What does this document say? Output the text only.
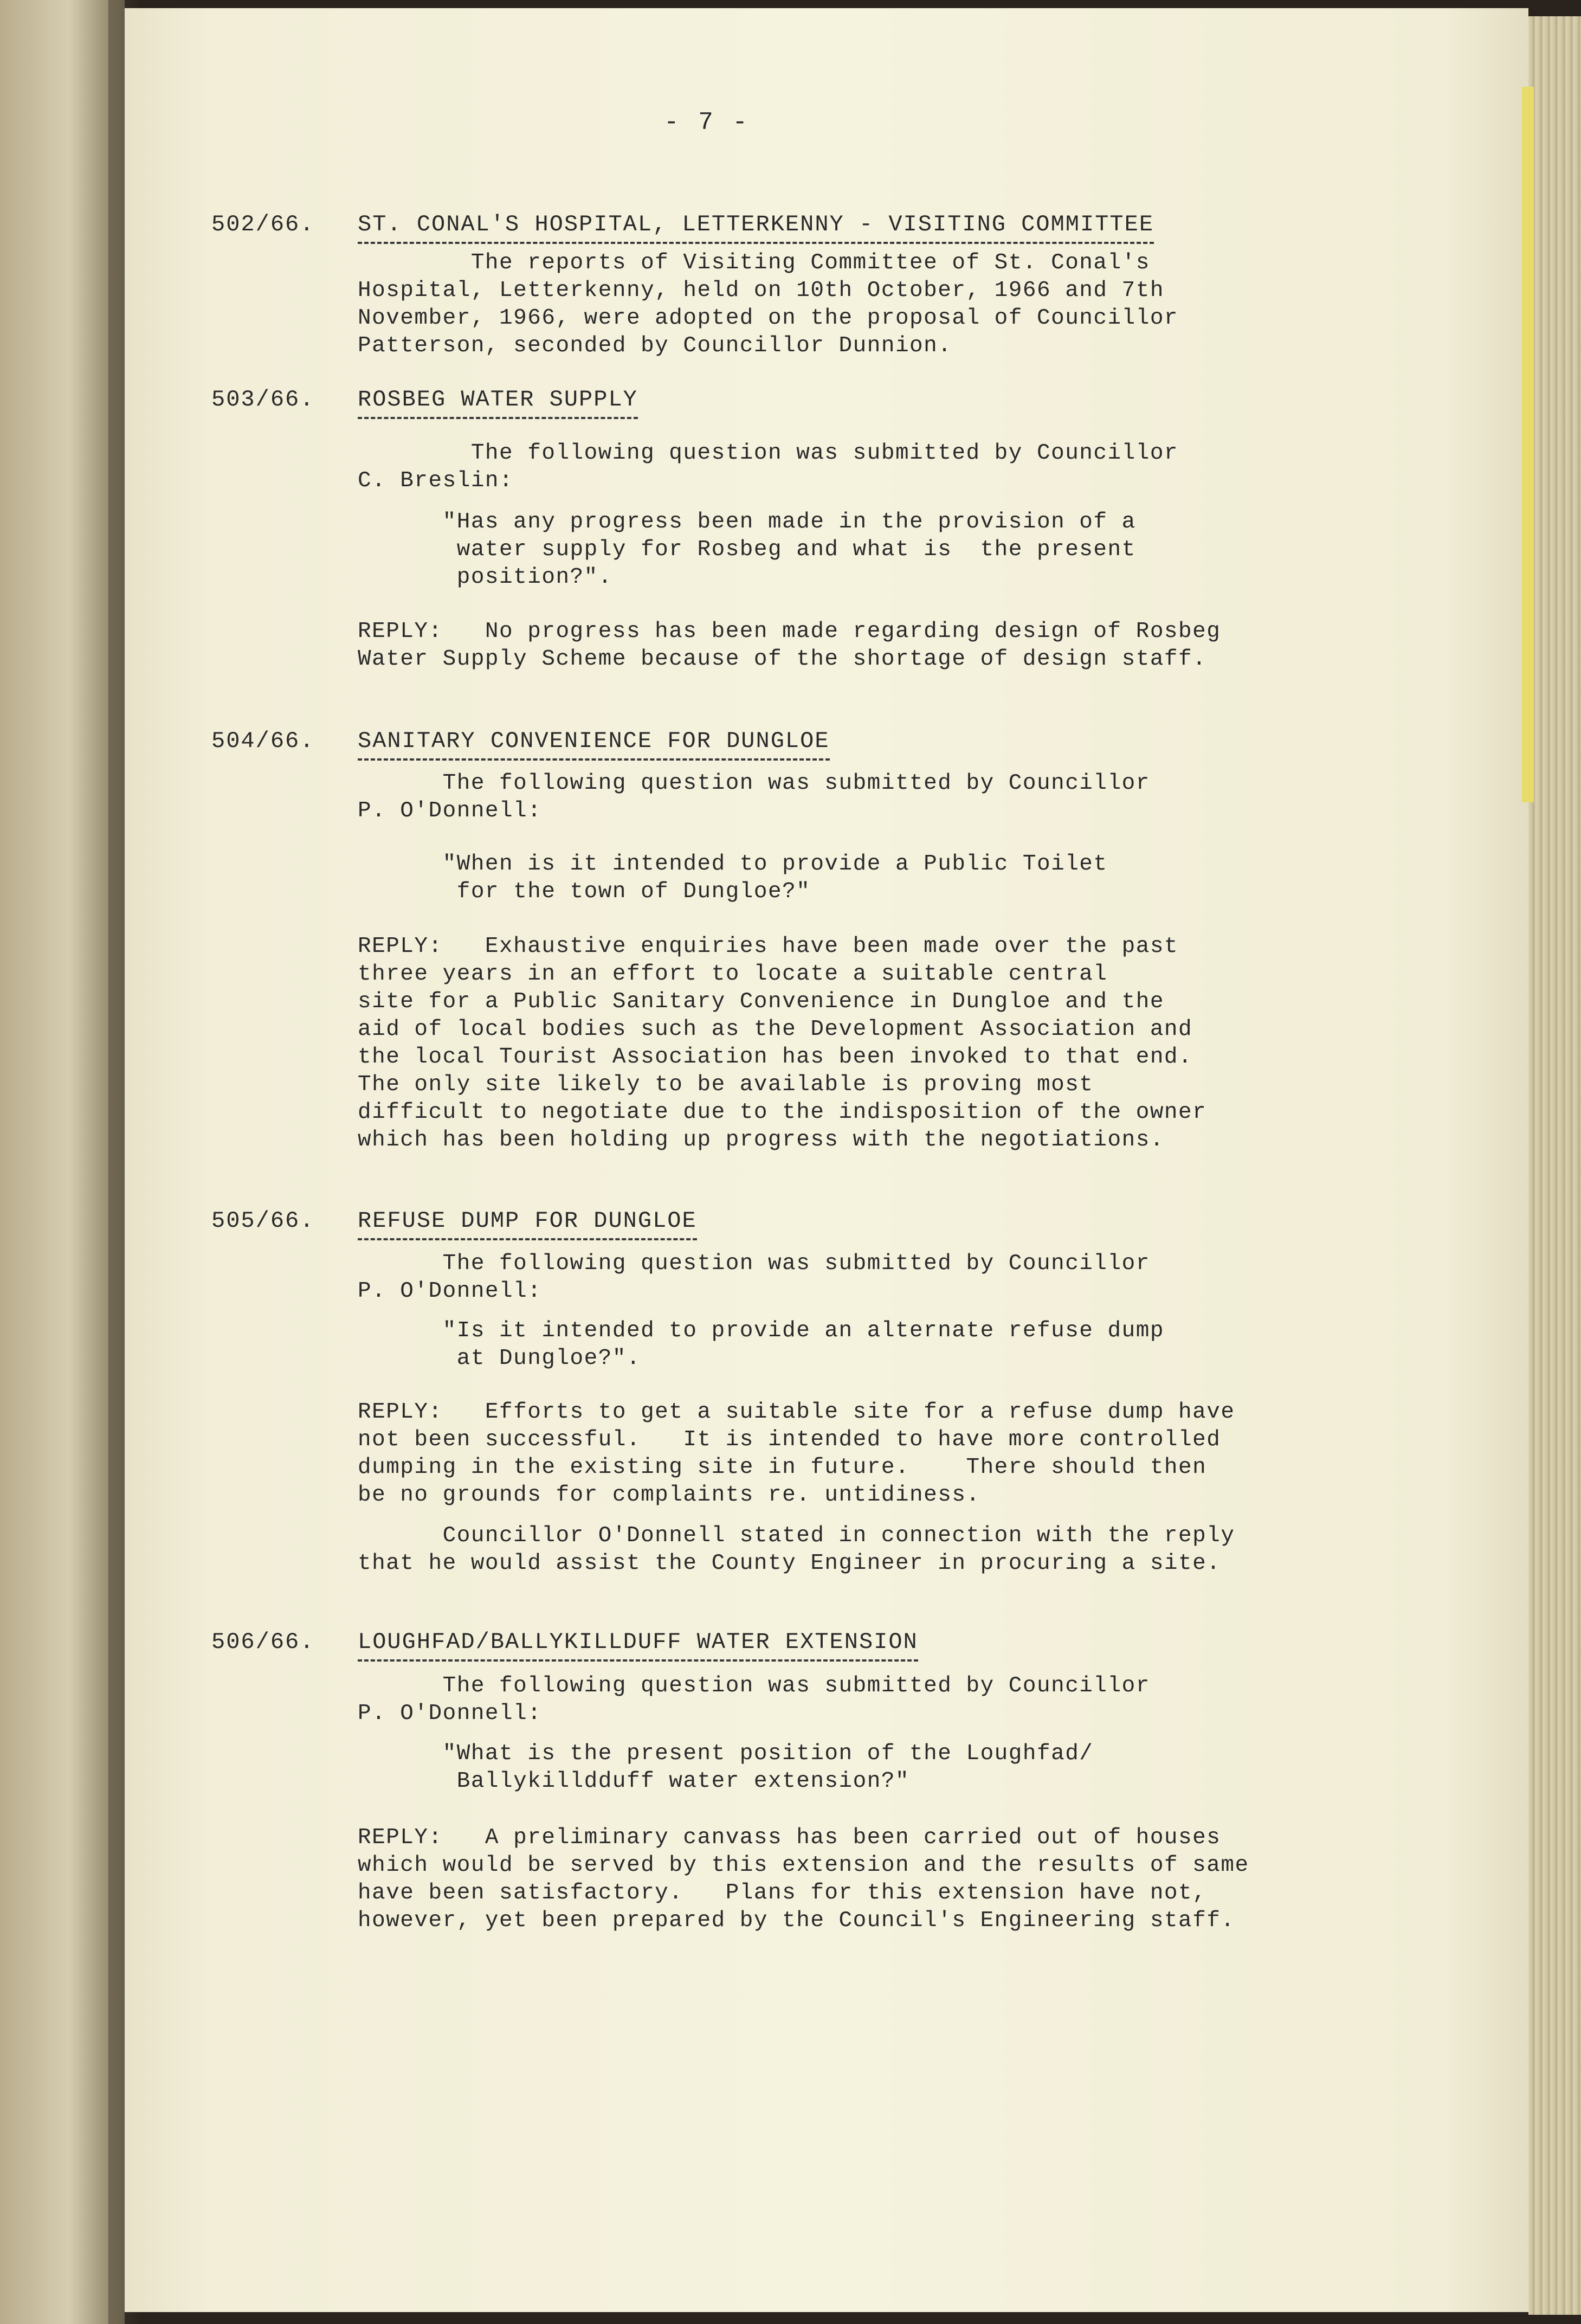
- 7 -
502/66. ST. CONAL'S HOSPITAL, LETTERKENNY - VISITING COMMITTEE
The reports of Visiting Committee of St. Conal's
Hospital, Letterkenny, held on 10th October, 1966 and 7th
November, 1966, were adopted on the proposal of Councillor
Patterson, seconded by Councillor Dunnion.
503/66. ROSBEG WATER SUPPLY
The following question was submitted by Councillor
C. Breslin:
"Has any progress been made in the provision of a
water supply for Rosbeg and what is  the present
position?".
REPLY:   No progress has been made regarding design of Rosbeg
Water Supply Scheme because of the shortage of design staff.
504/66. SANITARY CONVENIENCE FOR DUNGLOE
The following question was submitted by Councillor
P. O'Donnell:
"When is it intended to provide a Public Toilet
for the town of Dungloe?"
REPLY:   Exhaustive enquiries have been made over the past
three years in an effort to locate a suitable central
site for a Public Sanitary Convenience in Dungloe and the
aid of local bodies such as the Development Association and
the local Tourist Association has been invoked to that end.
The only site likely to be available is proving most
difficult to negotiate due to the indisposition of the owner
which has been holding up progress with the negotiations.
505/66. REFUSE DUMP FOR DUNGLOE
The following question was submitted by Councillor
P. O'Donnell:
"Is it intended to provide an alternate refuse dump
at Dungloe?".
REPLY:   Efforts to get a suitable site for a refuse dump have
not been successful.   It is intended to have more controlled
dumping in the existing site in future.    There should then
be no grounds for complaints re. untidiness.
Councillor O'Donnell stated in connection with the reply
that he would assist the County Engineer in procuring a site.
506/66. LOUGHFAD/BALLYKILLDUFF WATER EXTENSION
The following question was submitted by Councillor
P. O'Donnell:
"What is the present position of the Loughfad/
Ballykilldduff water extension?"
REPLY:   A preliminary canvass has been carried out of houses
which would be served by this extension and the results of same
have been satisfactory.   Plans for this extension have not,
however, yet been prepared by the Council's Engineering staff.
